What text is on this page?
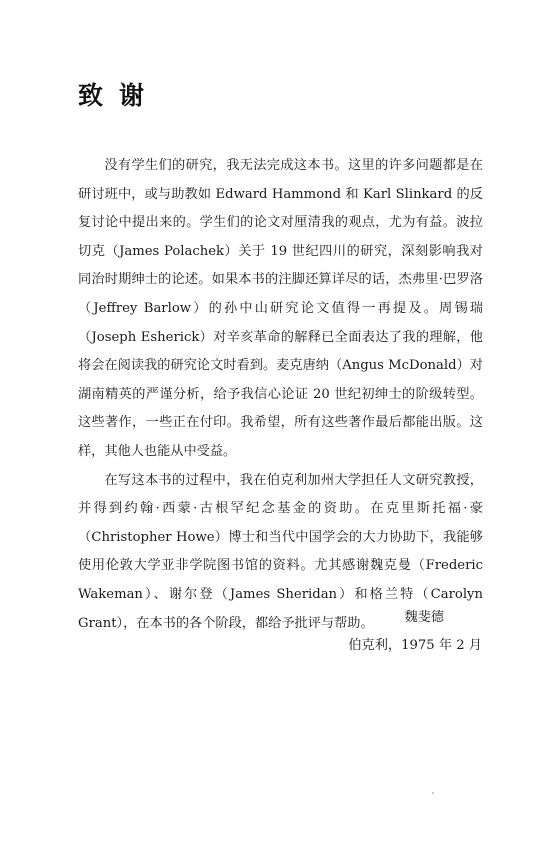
致谢

没有学生们的研究，我无法完成这本书。这里的许多问题都是在研讨班中，或与助教如 Edward Hammond 和 Karl Slinkard 的反复讨论中提出来的。学生们的论文对厘清我的观点，尤为有益。波拉切克（James Polachek）关于 19 世纪四川的研究，深刻影响我对同治时期绅士的论述。如果本书的注脚还算详尽的话，杰弗里·巴罗洛（Jeffrey Barlow）的孙中山研究论文值得一再提及。周锡瑞（Joseph Esherick）对辛亥革命的解释已全面表达了我的理解，他将会在阅读我的研究论文时看到。麦克唐纳（Angus McDonald）对湖南精英的严谨分析，给予我信心论证 20 世纪初绅士的阶级转型。这些著作，一些正在付印。我希望，所有这些著作最后都能出版。这样，其他人也能从中受益。

在写这本书的过程中，我在伯克利加州大学担任人文研究教授，并得到约翰·西蒙·古根罕纪念基金的资助。在克里斯托福·豪（Christopher Howe）博士和当代中国学会的大力协助下，我能够使用伦敦大学亚非学院图书馆的资料。尤其感谢魏克曼（Frederic Wakeman）、谢尔登（James Sheridan）和格兰特（Carolyn Grant），在本书的各个阶段，都给予批评与帮助。	魏斐德

伯克利，1975 年 2 月
